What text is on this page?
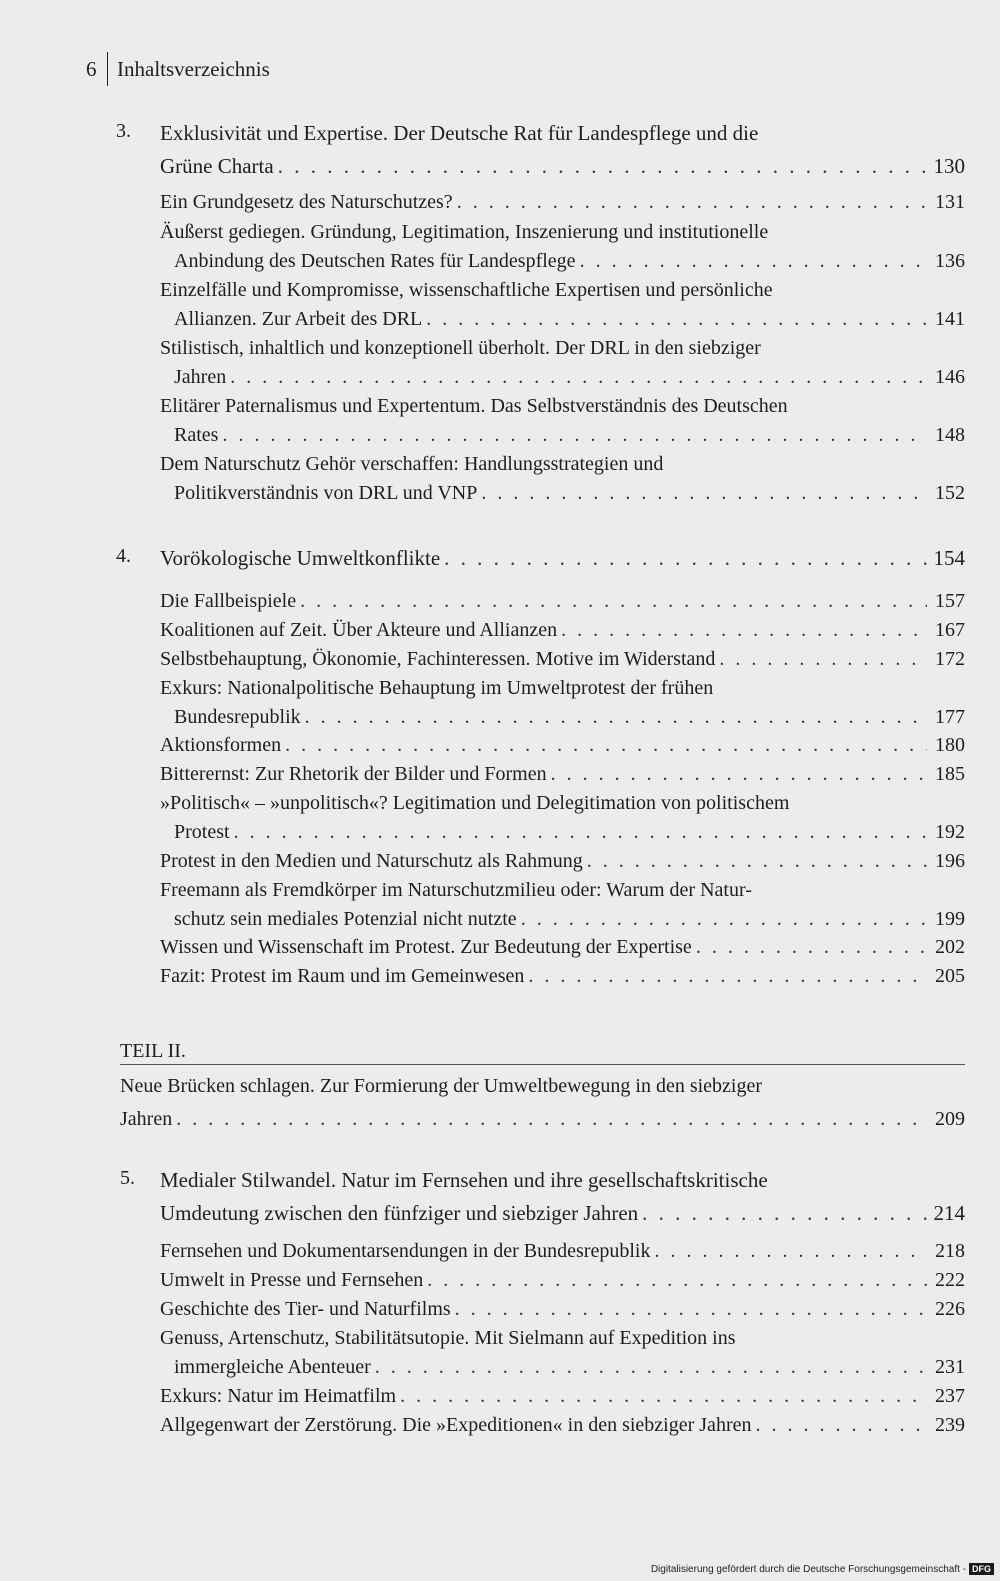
6 Inhaltsverzeichnis
3. Exklusivität und Expertise. Der Deutsche Rat für Landespflege und die
Grüne Charta . . .	130
Ein Grundgesetz des Naturschutzes? . . .	131
Äußerst gediegen. Gründung, Legitimation, Inszenierung und institutionelle
Anbindung des Deutschen Rates für Landespflege . . .	136
Einzelfälle und Kompromisse, wissenschaftliche Expertisen und persönliche
Allianzen. Zur Arbeit des DRL . . .	141
Stilistisch, inhaltlich und konzeptionell überholt. Der DRL in den siebziger
Jahren . . .	146
Elitärer Paternalismus und Expertentum. Das Selbstverständnis des Deutschen
Rates . . .	148
Dem Naturschutz Gehör verschaffen: Handlungsstrategien und
Politikverständnis von DRL und VNP . . .	152
4. Vorökologische Umweltkonflikte . . .	154
Die Fallbeispiele . . .	157
Koalitionen auf Zeit. Über Akteure und Allianzen . . .	167
Selbstbehauptung, Ökonomie, Fachinteressen. Motive im Widerstand . . .	172
Exkurs: Nationalpolitische Behauptung im Umweltprotest der frühen
Bundesrepublik . . .	177
Aktionsformen . . .	180
Bitterernst: Zur Rhetorik der Bilder und Formen . . .	185
»Politisch« – »unpolitisch«? Legitimation und Delegitimation von politischem
Protest . . .	192
Protest in den Medien und Naturschutz als Rahmung . . .	196
Freemann als Fremdkörper im Naturschutzmilieu oder: Warum der Natur-
schutz sein mediales Potenzial nicht nutzte . . .	199
Wissen und Wissenschaft im Protest. Zur Bedeutung der Expertise . . .	202
Fazit: Protest im Raum und im Gemeinwesen . . .	205
TEIL II.
Neue Brücken schlagen. Zur Formierung der Umweltbewegung in den siebziger
Jahren . . .	209
5. Medialer Stilwandel. Natur im Fernsehen und ihre gesellschaftskritische
Umdeutung zwischen den fünfziger und siebziger Jahren . . .	214
Fernsehen und Dokumentarsendungen in der Bundesrepublik . . .	218
Umwelt in Presse und Fernsehen . . .	222
Geschichte des Tier- und Naturfilms . . .	226
Genuss, Artenschutz, Stabilitätsutopie. Mit Sielmann auf Expedition ins
immergleiche Abenteuer . . .	231
Exkurs: Natur im Heimatfilm . . .	237
Allgegenwart der Zerstörung. Die »Expeditionen« in den siebziger Jahren . . .	239
Digitalisierung gefördert durch die Deutsche Forschungsgemeinschaft - DFG
